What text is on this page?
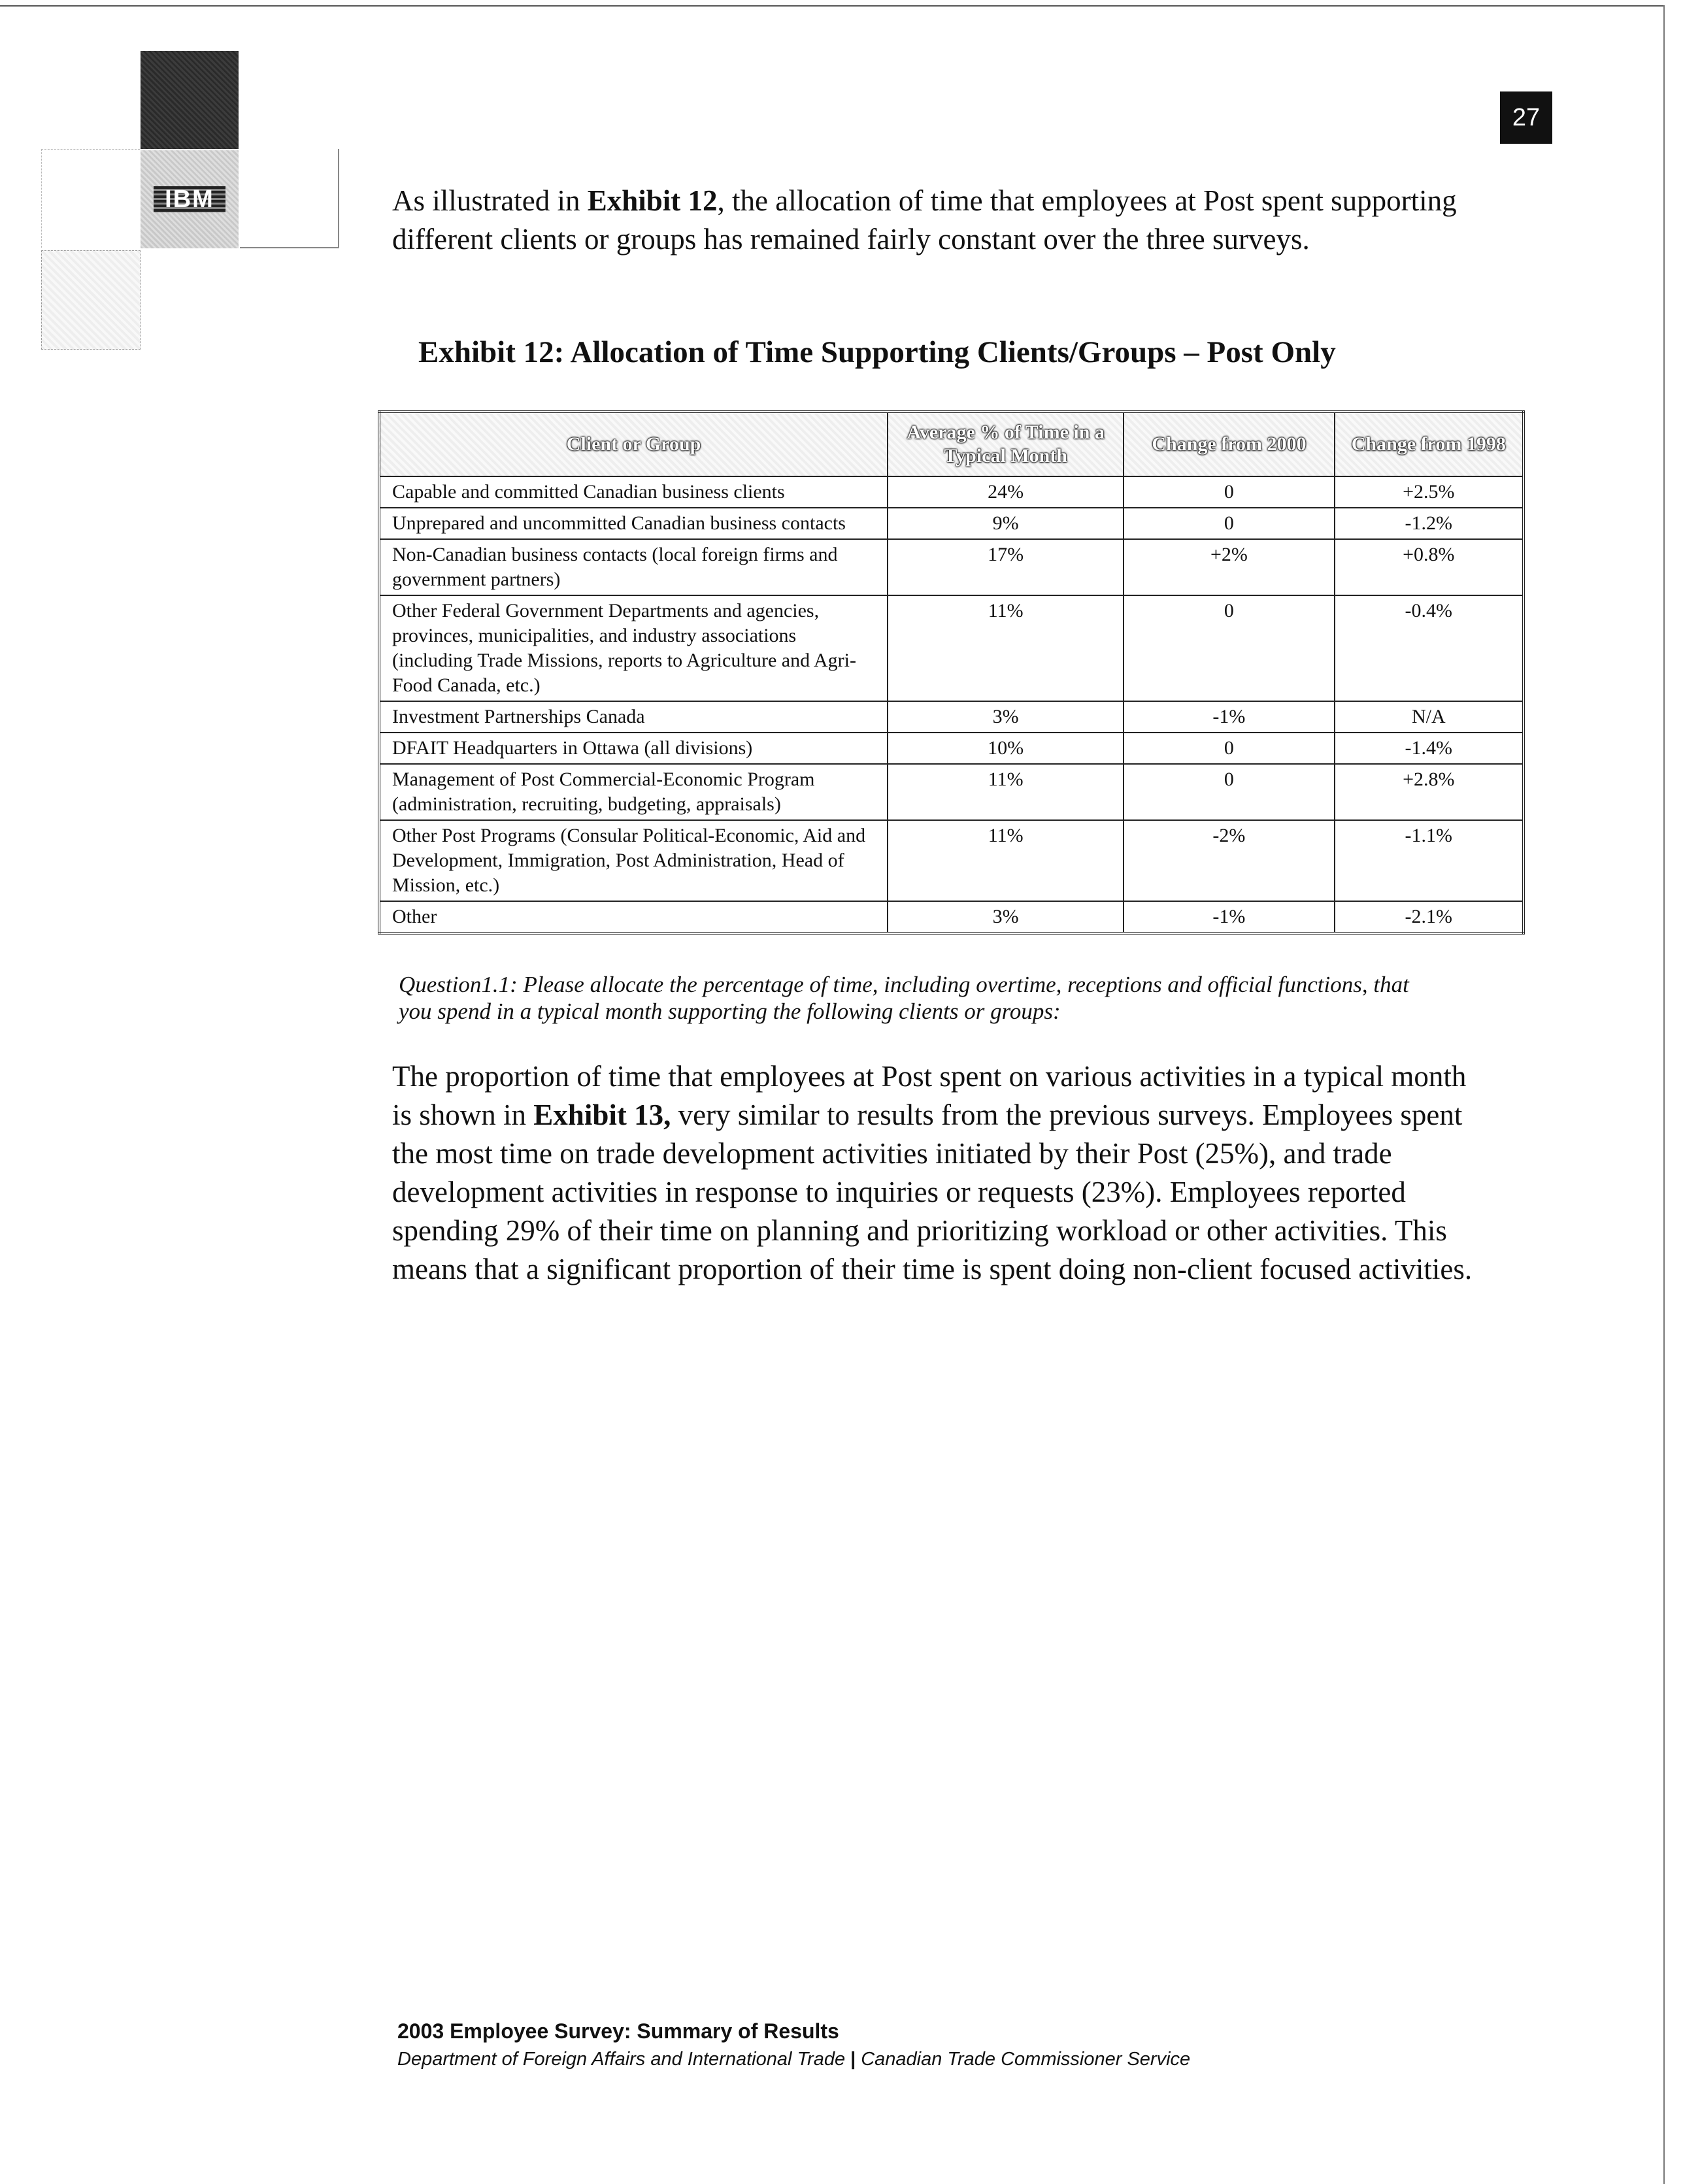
IBM
27

As illustrated in Exhibit 12, the allocation of time that employees at Post spent supporting different clients or groups has remained fairly constant over the three surveys.

Exhibit 12: Allocation of Time Supporting Clients/Groups – Post Only
Client or Group	Average % of Time in a Typical Month	Change from 2000	Change from 1998
Capable and committed Canadian business clients	24%	0	+2.5%
Unprepared and uncommitted Canadian business contacts	9%	0	-1.2%
Non-Canadian business contacts (local foreign firms and government partners)	17%	+2%	+0.8%
Other Federal Government Departments and agencies, provinces, municipalities, and industry associations (including Trade Missions, reports to Agriculture and Agri-Food Canada, etc.)	11%	0	-0.4%
Investment Partnerships Canada	3%	-1%	N/A
DFAIT Headquarters in Ottawa (all divisions)	10%	0	-1.4%
Management of Post Commercial-Economic Program (administration, recruiting, budgeting, appraisals)	11%	0	+2.8%
Other Post Programs (Consular Political-Economic, Aid and Development, Immigration, Post Administration, Head of Mission, etc.)	11%	-2%	-1.1%
Other	3%	-1%	-2.1%

Question1.1: Please allocate the percentage of time, including overtime, receptions and official functions, that you spend in a typical month supporting the following clients or groups:

The proportion of time that employees at Post spent on various activities in a typical month is shown in Exhibit 13, very similar to results from the previous surveys. Employees spent the most time on trade development activities initiated by their Post (25%), and trade development activities in response to inquiries or requests (23%). Employees reported spending 29% of their time on planning and prioritizing workload or other activities. This means that a significant proportion of their time is spent doing non-client focused activities.

2003 Employee Survey: Summary of Results

Department of Foreign Affairs and International Trade | Canadian Trade Commissioner Service
